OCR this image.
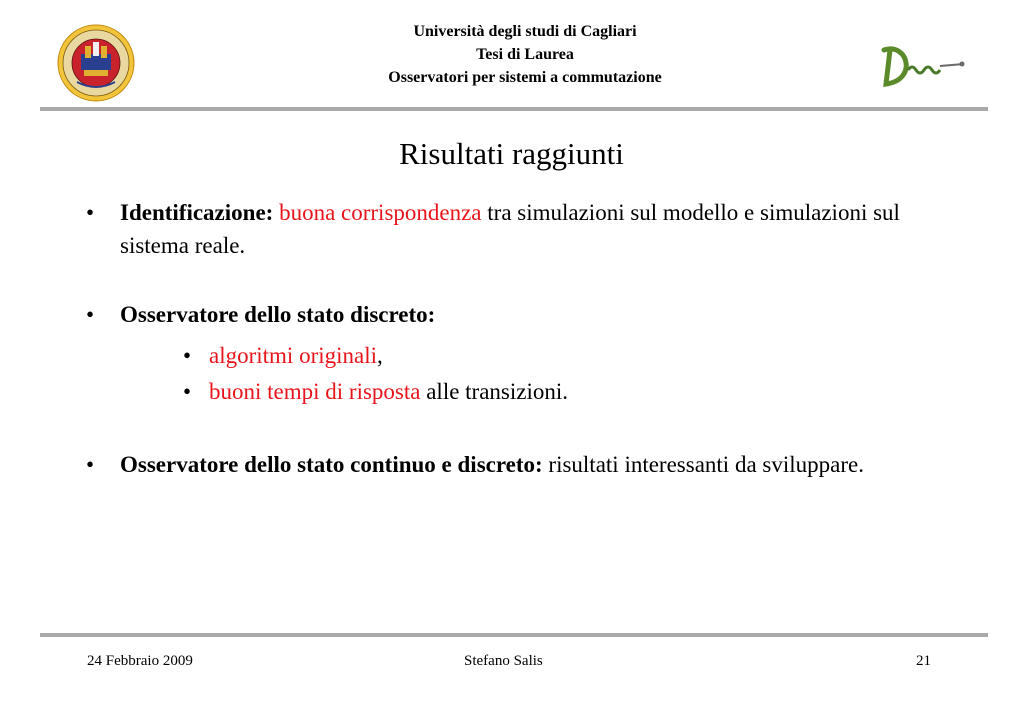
Università degli studi di Cagliari
Tesi di Laurea
Osservatori per sistemi a commutazione
Risultati raggiunti
• Identificazione: buona corrispondenza tra simulazioni sul modello e simulazioni sul sistema reale.
• Osservatore dello stato discreto:
• algoritmi originali,
• buoni tempi di risposta alle transizioni.
• Osservatore dello stato continuo e discreto: risultati interessanti da sviluppare.
24 Febbraio 2009	Stefano Salis	21
